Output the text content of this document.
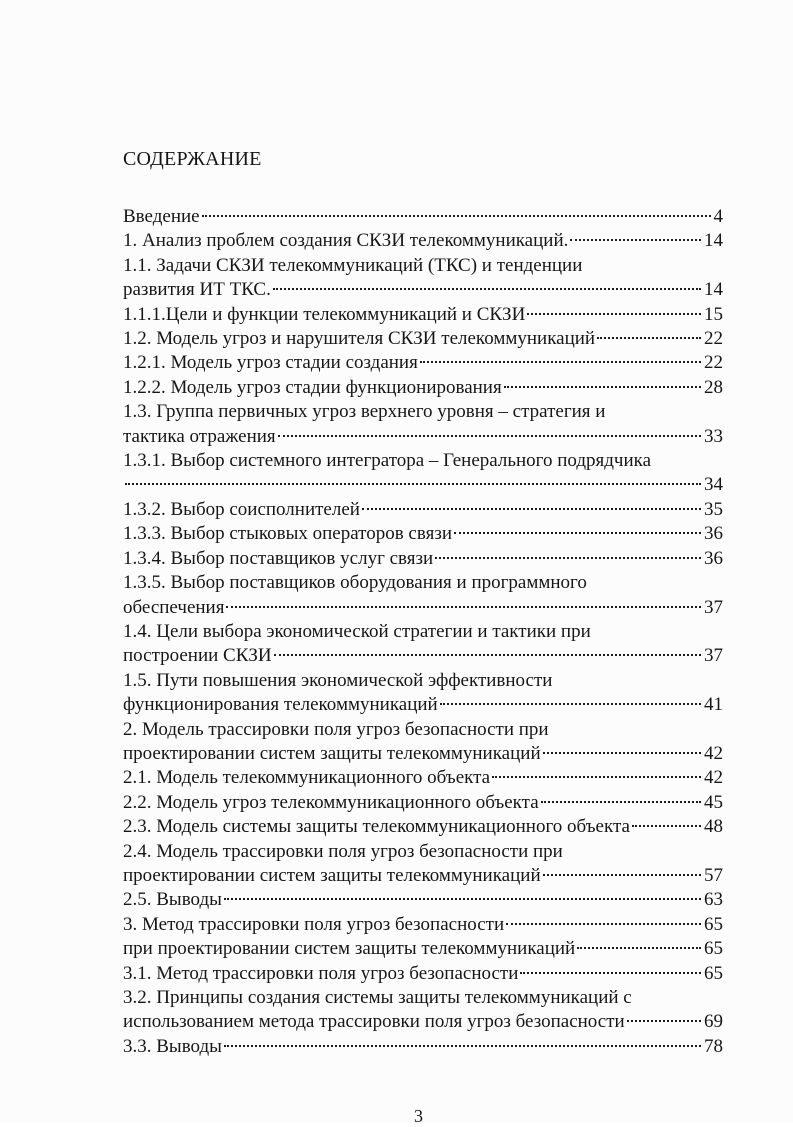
СОДЕРЖАНИЕ
Введение	4
1. Анализ проблем создания СКЗИ телекоммуникаций.	14
1.1. Задачи СКЗИ телекоммуникаций (ТКС) и тенденции
развития ИТ ТКС.	14
1.1.1.Цели и функции телекоммуникаций и СКЗИ	15
1.2. Модель угроз и нарушителя СКЗИ телекоммуникаций	22
1.2.1. Модель угроз стадии создания	22
1.2.2. Модель угроз стадии функционирования	28
1.3. Группа первичных угроз верхнего уровня – стратегия и
тактика отражения	33
1.3.1. Выбор системного интегратора – Генерального подрядчика
34
1.3.2. Выбор соисполнителей	35
1.3.3. Выбор стыковых операторов связи	36
1.3.4. Выбор поставщиков услуг связи	36
1.3.5. Выбор поставщиков оборудования и программного
обеспечения	37
1.4. Цели выбора экономической стратегии и тактики при
построении СКЗИ	37
1.5. Пути повышения экономической эффективности
функционирования телекоммуникаций	41
2. Модель трассировки поля угроз безопасности при
проектировании систем защиты телекоммуникаций	42
2.1. Модель телекоммуникационного объекта	42
2.2. Модель угроз телекоммуникационного объекта	45
2.3. Модель системы защиты телекоммуникационного объекта	48
2.4. Модель трассировки поля угроз безопасности при
проектировании систем защиты телекоммуникаций	57
2.5. Выводы	63
3. Метод трассировки поля угроз безопасности	65
при проектировании систем защиты телекоммуникаций	65
3.1. Метод трассировки поля угроз безопасности	65
3.2. Принципы создания системы защиты телекоммуникаций с
использованием метода трассировки поля угроз безопасности	69
3.3. Выводы	78
3
